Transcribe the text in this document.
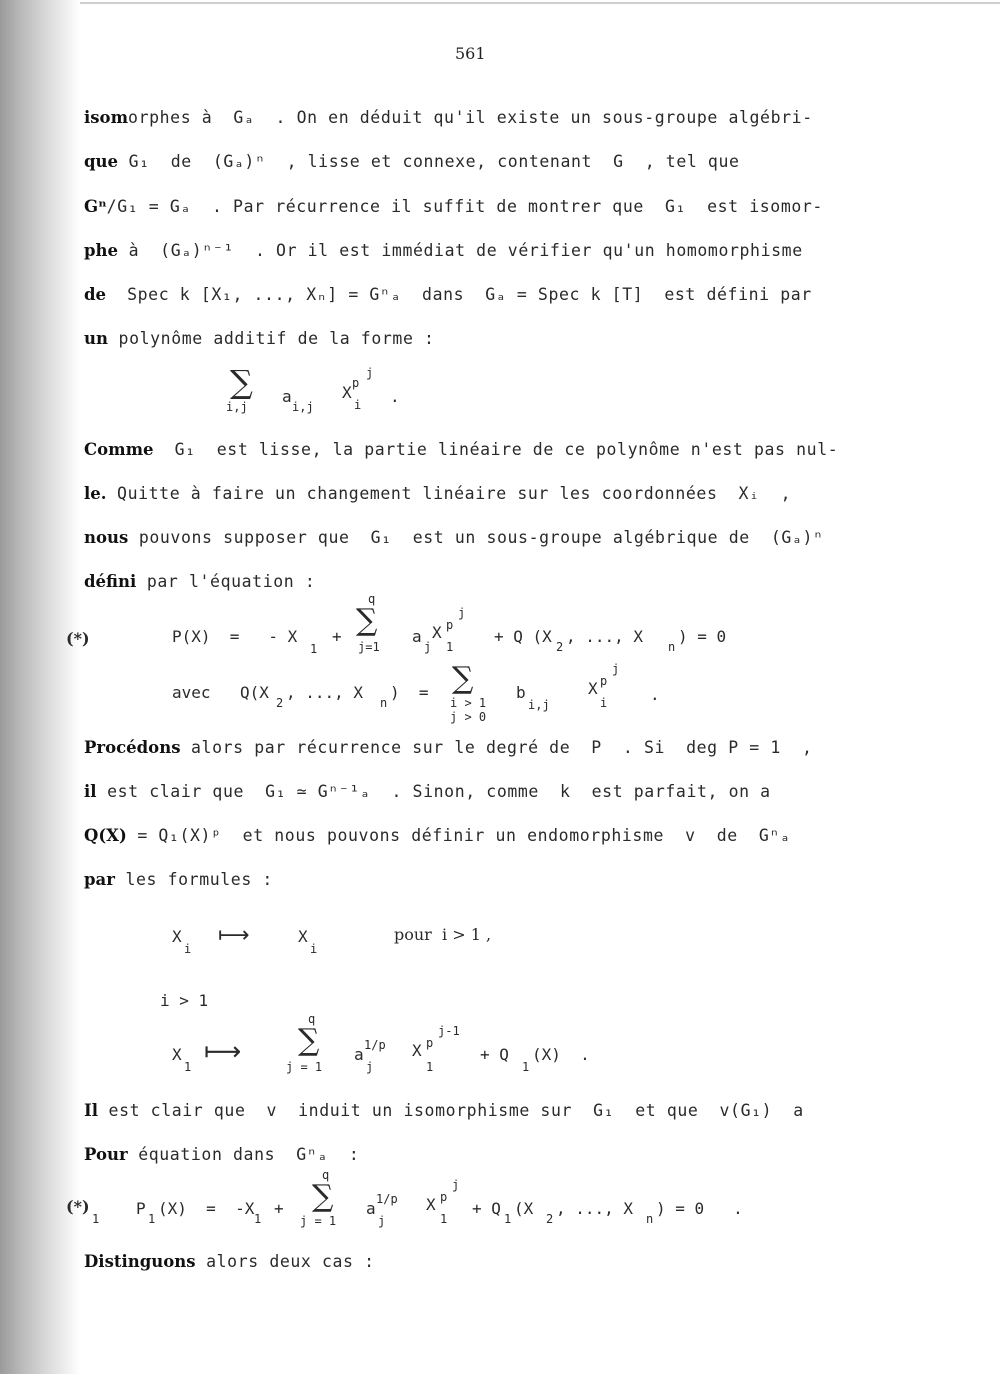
561
isomorphes à  Gₐ  . On en déduit qu'il existe un sous-groupe algébri-
que G₁  de  (Gₐ)ⁿ  , lisse et connexe, contenant  G  , tel que
Gⁿ/G₁ = Gₐ  . Par récurrence il suffit de montrer que  G₁  est isomor-
phe à  (Gₐ)ⁿ⁻¹  . Or il est immédiat de vérifier qu'un homomorphisme
de  Spec k [X₁, ..., Xₙ] = Gⁿₐ  dans  Gₐ = Spec k [T]  est défini par
un polynôme additif de la forme :
∑
i,j
a
i,j
X p
j
i .
Comme  G₁  est lisse, la partie linéaire de ce polynôme n'est pas nul-
le. Quitte à faire un changement linéaire sur les coordonnées  Xᵢ  ,
nous pouvons supposer que  G₁  est un sous-groupe algébrique de  (Gₐ)ⁿ
défini par l'équation :
(*)	P(X)  =   - X
1
+
q
∑
j=1
a
j
X p
j
1
+ Q (X
2
, ..., X
n
) = 0
avec Q(X
2
, ..., X
n
)  = ∑
i > 1
j > 0
b
i,j
X p
j
i	.
Procédons alors par récurrence sur le degré de  P  . Si  deg P = 1  ,
il est clair que  G₁ ≃ Gⁿ⁻¹ₐ  . Sinon, comme  k  est parfait, on a
Q(X) = Q₁(X)ᵖ  et nous pouvons définir un endomorphisme  v  de  Gⁿₐ
par les formules :
X
i
⟼	X
i
pour  i > 1 ,
i > 1
X
1 ⟼
q
∑
j = 1
a 1/p
j
X p
j-1
1
+ Q
1
(X)  .
Il est clair que  v  induit un isomorphisme sur  G₁  et que  v(G₁)  a
Pour équation dans  Gⁿₐ  :
(*)
1
P
1
(X)  =  -X
1
+
q
∑
j = 1
a 1/p
j
X p
j
1
+ Q
1
(X
2
, ..., X
n
) = 0   .
Distinguons alors deux cas :
